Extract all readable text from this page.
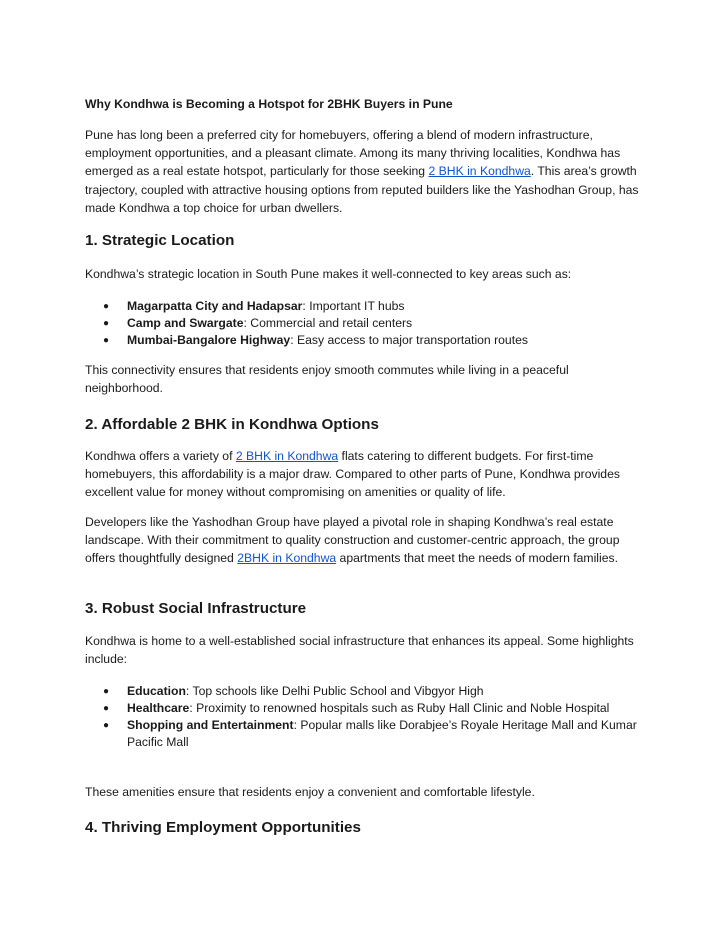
Why Kondhwa is Becoming a Hotspot for 2BHK Buyers in Pune

Pune has long been a preferred city for homebuyers, offering a blend of modern infrastructure, employment opportunities, and a pleasant climate. Among its many thriving localities, Kondhwa has emerged as a real estate hotspot, particularly for those seeking 2 BHK in Kondhwa. This area’s growth trajectory, coupled with attractive housing options from reputed builders like the Yashodhan Group, has made Kondhwa a top choice for urban dwellers.

1. Strategic Location

Kondhwa’s strategic location in South Pune makes it well-connected to key areas such as:

● Magarpatta City and Hadapsar: Important IT hubs
● Camp and Swargate: Commercial and retail centers
● Mumbai-Bangalore Highway: Easy access to major transportation routes

This connectivity ensures that residents enjoy smooth commutes while living in a peaceful neighborhood.

2. Affordable 2 BHK in Kondhwa Options

Kondhwa offers a variety of 2 BHK in Kondhwa flats catering to different budgets. For first-time homebuyers, this affordability is a major draw. Compared to other parts of Pune, Kondhwa provides excellent value for money without compromising on amenities or quality of life.

Developers like the Yashodhan Group have played a pivotal role in shaping Kondhwa’s real estate landscape. With their commitment to quality construction and customer-centric approach, the group offers thoughtfully designed 2BHK in Kondhwa apartments that meet the needs of modern families.

3. Robust Social Infrastructure

Kondhwa is home to a well-established social infrastructure that enhances its appeal. Some highlights include:

● Education: Top schools like Delhi Public School and Vibgyor High
● Healthcare: Proximity to renowned hospitals such as Ruby Hall Clinic and Noble Hospital
● Shopping and Entertainment: Popular malls like Dorabjee’s Royale Heritage Mall and Kumar Pacific Mall

These amenities ensure that residents enjoy a convenient and comfortable lifestyle.

4. Thriving Employment Opportunities
